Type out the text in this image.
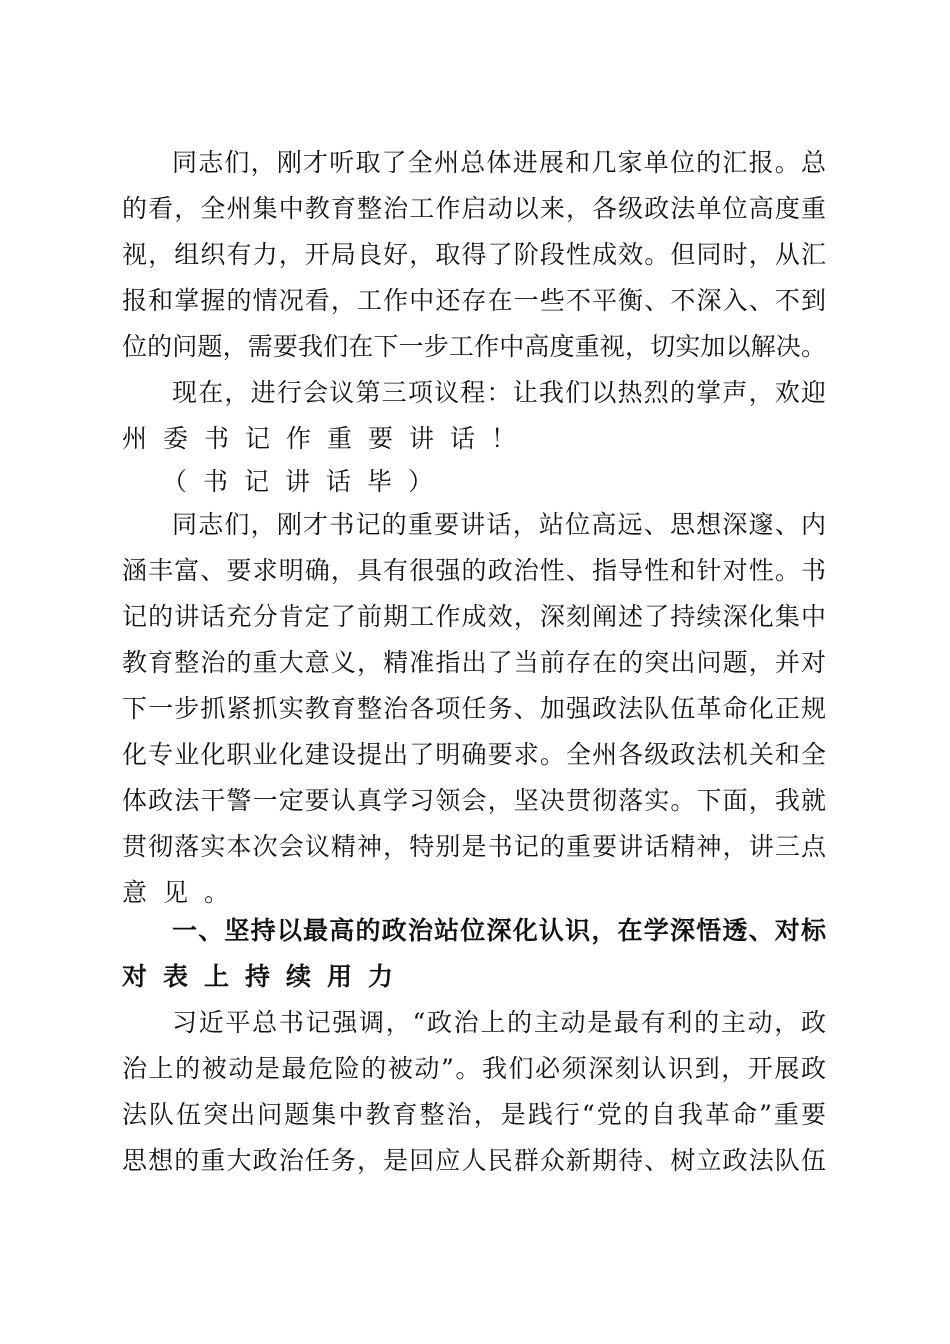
同志们，刚才听取了全州总体进展和几家单位的汇报。总
的看，全州集中教育整治工作启动以来，各级政法单位高度重
视，组织有力，开局良好，取得了阶段性成效。但同时，从汇
报和掌握的情况看，工作中还存在一些不平衡、不深入、不到
位的问题，需要我们在下一步工作中高度重视，切实加以解决。
现在，进行会议第三项议程：让我们以热烈的掌声，欢迎
州委书记作重要讲话！
（书记讲话毕）
同志们，刚才书记的重要讲话，站位高远、思想深邃、内
涵丰富、要求明确，具有很强的政治性、指导性和针对性。书
记的讲话充分肯定了前期工作成效，深刻阐述了持续深化集中
教育整治的重大意义，精准指出了当前存在的突出问题，并对
下一步抓紧抓实教育整治各项任务、加强政法队伍革命化正规
化专业化职业化建设提出了明确要求。全州各级政法机关和全
体政法干警一定要认真学习领会，坚决贯彻落实。下面，我就
贯彻落实本次会议精神，特别是书记的重要讲话精神，讲三点
意见。
一、坚持以最高的政治站位深化认识，在学深悟透、对标
对表上持续用力
习近平总书记强调，“政治上的主动是最有利的主动，政
治上的被动是最危险的被动”。我们必须深刻认识到，开展政
法队伍突出问题集中教育整治，是践行“党的自我革命”重要
思想的重大政治任务，是回应人民群众新期待、树立政法队伍
